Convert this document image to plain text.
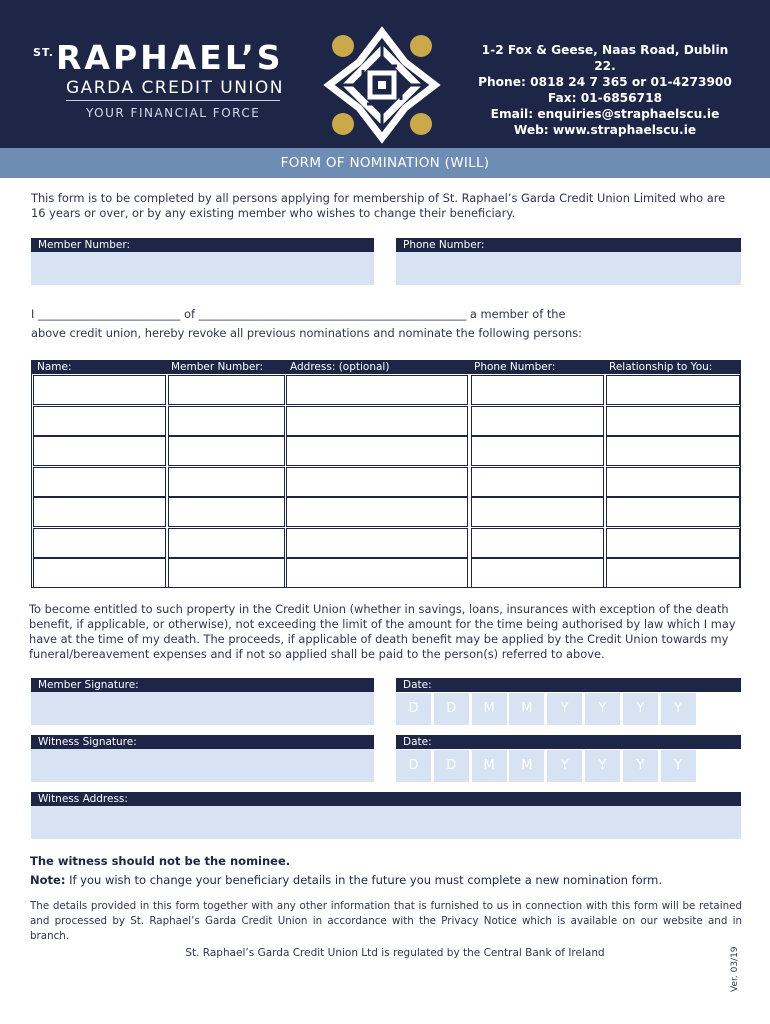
ST. RAPHAEL’S
GARDA CREDIT UNION
YOUR FINANCIAL FORCE
1-2 Fox & Geese, Naas Road, Dublin 22.
Phone: 0818 24 7 365 or 01-4273900
Fax: 01-6856718
Email: enquiries@straphaelscu.ie
Web: www.straphaelscu.ie
FORM OF NOMINATION (WILL)
This form is to be completed by all persons applying for membership of St. Raphael’s Garda Credit Union Limited who are 16 years or over, or by any existing member who wishes to change their beneficiary.
Member Number:	Phone Number:
I _________________________ of _______________________________________________ a member of the
above credit union, hereby revoke all previous nominations and nominate the following persons:
Name:	Member Number:	Address: (optional)	Phone Number:	Relationship to You:
To become entitled to such property in the Credit Union (whether in savings, loans, insurances with exception of the death benefit, if applicable, or otherwise), not exceeding the limit of the amount for the time being authorised by law which I may have at the time of my death. The proceeds, if applicable of death benefit may be applied by the Credit Union towards my funeral/bereavement expenses and if not so applied shall be paid to the person(s) referred to above.
Member Signature:	Date:
D	D	M	M	Y	Y	Y	Y
Witness Signature:	Date:
D	D	M	M	Y	Y	Y	Y
Witness Address:
The witness should not be the nominee.
Note: If you wish to change your beneficiary details in the future you must complete a new nomination form.
The details provided in this form together with any other information that is furnished to us in connection with this form will be retained and processed by St. Raphael’s Garda Credit Union in accordance with the Privacy Notice which is available on our website and in branch.
St. Raphael’s Garda Credit Union Ltd is regulated by the Central Bank of Ireland	Ver. 03/19
